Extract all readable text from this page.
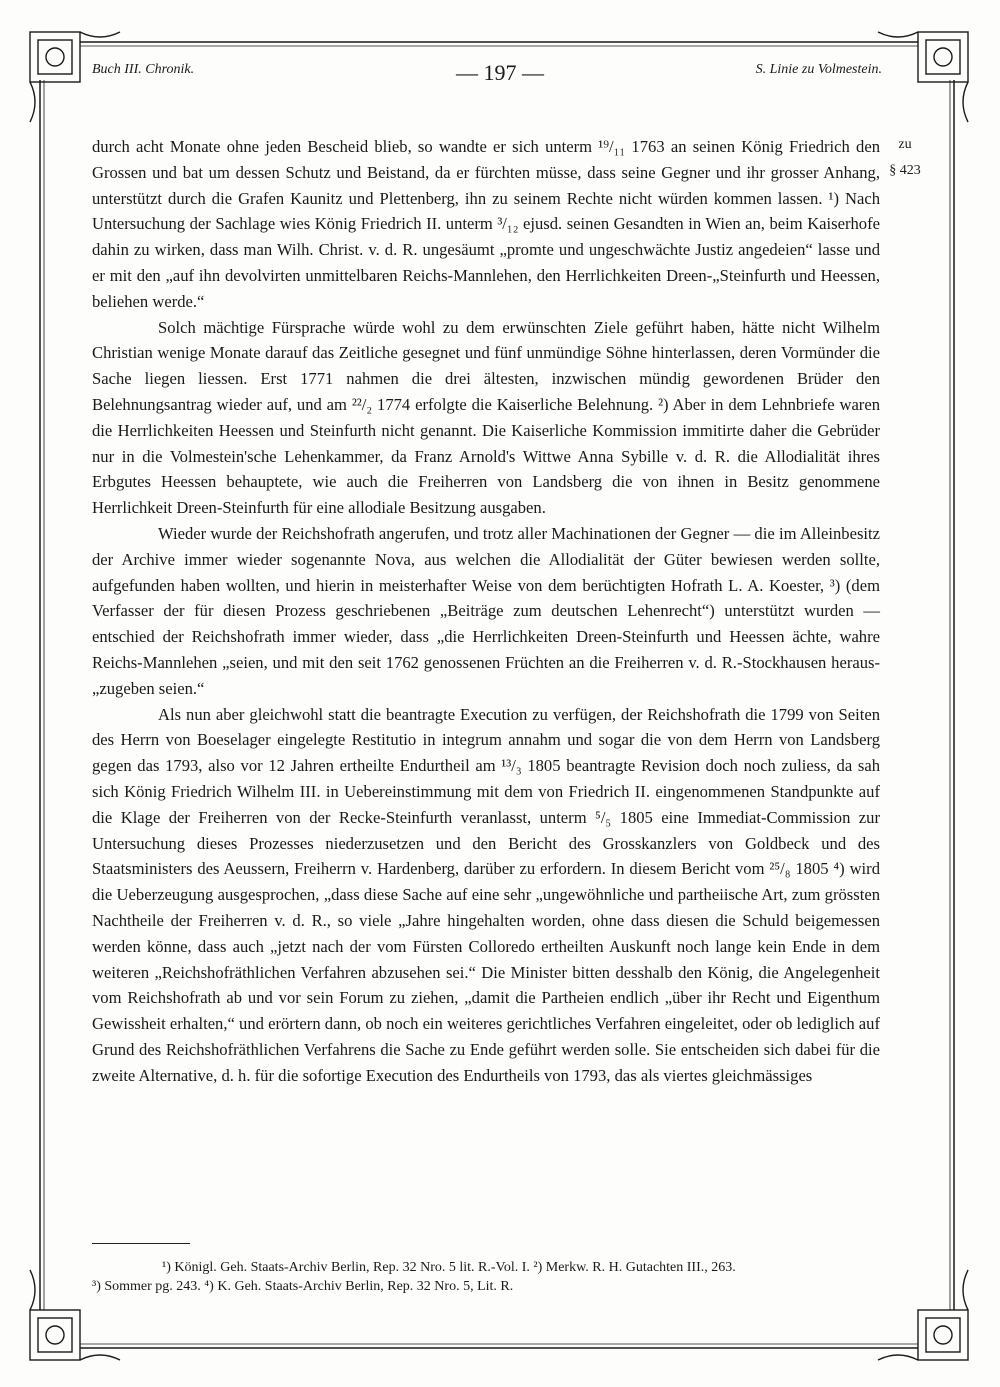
Buch III. Chronik.	— 197 —	S. Linie zu Volmestein.
zu
§ 423

durch acht Monate ohne jeden Bescheid blieb, so wandte er sich unterm ¹⁹/₁₁ 1763 an seinen König Friedrich den Grossen und bat um dessen Schutz und Beistand, da er fürchten müsse, dass seine Gegner und ihr grosser Anhang, unterstützt durch die Grafen Kaunitz und Plettenberg, ihn zu seinem Rechte nicht würden kommen lassen. ¹) Nach Untersuchung der Sachlage wies König Friedrich II. unterm ³/₁₂ ejusd. seinen Gesandten in Wien an, beim Kaiserhofe dahin zu wirken, dass man Wilh. Christ. v. d. R. ungesäumt „promte und ungeschwächte Justiz angedeien“ lasse und er mit den „auf ihn devolvirten unmittelbaren Reichs-Mannlehen, den Herrlichkeiten Dreen-„Steinfurth und Heessen, beliehen werde.“

Solch mächtige Fürsprache würde wohl zu dem erwünschten Ziele geführt haben, hätte nicht Wilhelm Christian wenige Monate darauf das Zeitliche gesegnet und fünf unmündige Söhne hinterlassen, deren Vormünder die Sache liegen liessen. Erst 1771 nahmen die drei ältesten, inzwischen mündig gewordenen Brüder den Belehnungsantrag wieder auf, und am ²²/₂ 1774 erfolgte die Kaiserliche Belehnung. ²) Aber in dem Lehnbriefe waren die Herrlichkeiten Heessen und Steinfurth nicht genannt. Die Kaiserliche Kommission immitirte daher die Gebrüder nur in die Volmestein'sche Lehenkammer, da Franz Arnold's Wittwe Anna Sybille v. d. R. die Allodialität ihres Erbgutes Heessen behauptete, wie auch die Freiherren von Landsberg die von ihnen in Besitz genommene Herrlichkeit Dreen-Steinfurth für eine allodiale Besitzung ausgaben.

Wieder wurde der Reichshofrath angerufen, und trotz aller Machinationen der Gegner — die im Alleinbesitz der Archive immer wieder sogenannte Nova, aus welchen die Allodialität der Güter bewiesen werden sollte, aufgefunden haben wollten, und hierin in meisterhafter Weise von dem berüchtigten Hofrath L. A. Koester, ³) (dem Verfasser der für diesen Prozess geschriebenen „Beiträge zum deutschen Lehenrecht“) unterstützt wurden — entschied der Reichshofrath immer wieder, dass „die Herrlichkeiten Dreen-Steinfurth und Heessen ächte, wahre Reichs-Mannlehen „seien, und mit den seit 1762 genossenen Früchten an die Freiherren v. d. R.-Stockhausen heraus-„zugeben seien.“

Als nun aber gleichwohl statt die beantragte Execution zu verfügen, der Reichshofrath die 1799 von Seiten des Herrn von Boeselager eingelegte Restitutio in integrum annahm und sogar die von dem Herrn von Landsberg gegen das 1793, also vor 12 Jahren ertheilte Endurtheil am ¹³/₃ 1805 beantragte Revision doch noch zuliess, da sah sich König Friedrich Wilhelm III. in Uebereinstimmung mit dem von Friedrich II. eingenommenen Standpunkte auf die Klage der Freiherren von der Recke-Steinfurth veranlasst, unterm ⁵/₅ 1805 eine Immediat-Commission zur Untersuchung dieses Prozesses niederzusetzen und den Bericht des Grosskanzlers von Goldbeck und des Staatsministers des Aeussern, Freiherrn v. Hardenberg, darüber zu erfordern. In diesem Bericht vom ²⁵/₈ 1805 ⁴) wird die Ueberzeugung ausgesprochen, „dass diese Sache auf eine sehr „ungewöhnliche und partheiische Art, zum grössten Nachtheile der Freiherren v. d. R., so viele „Jahre hingehalten worden, ohne dass diesen die Schuld beigemessen werden könne, dass auch „jetzt nach der vom Fürsten Colloredo ertheilten Auskunft noch lange kein Ende in dem weiteren „Reichshofräthlichen Verfahren abzusehen sei.“ Die Minister bitten desshalb den König, die Angelegenheit vom Reichshofrath ab und vor sein Forum zu ziehen, „damit die Partheien endlich „über ihr Recht und Eigenthum Gewissheit erhalten,“ und erörtern dann, ob noch ein weiteres gerichtliches Verfahren eingeleitet, oder ob lediglich auf Grund des Reichshofräthlichen Verfahrens die Sache zu Ende geführt werden solle. Sie entscheiden sich dabei für die zweite Alternative, d. h. für die sofortige Execution des Endurtheils von 1793, das als viertes gleichmässiges

¹) Königl. Geh. Staats-Archiv Berlin, Rep. 32 Nro. 5 lit. R.-Vol. I. ²) Merkw. R. H. Gutachten III., 263.

³) Sommer pg. 243. ⁴) K. Geh. Staats-Archiv Berlin, Rep. 32 Nro. 5, Lit. R.
